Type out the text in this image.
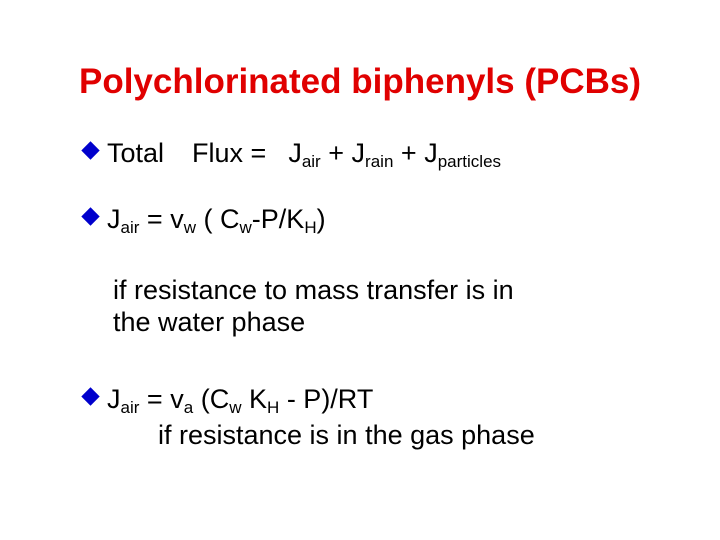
Polychlorinated biphenyls (PCBs)
Total Flux = $J_{air} + J_{rain} + J_{particles}$
$J_{air} = v_w$ ( $C_w-P/K_H$)
if resistance to mass transfer is in
the water phase
$J_{air} = v_a$ ($C_w$ $K_H - P)/RT$
if resistance is in the gas phase
